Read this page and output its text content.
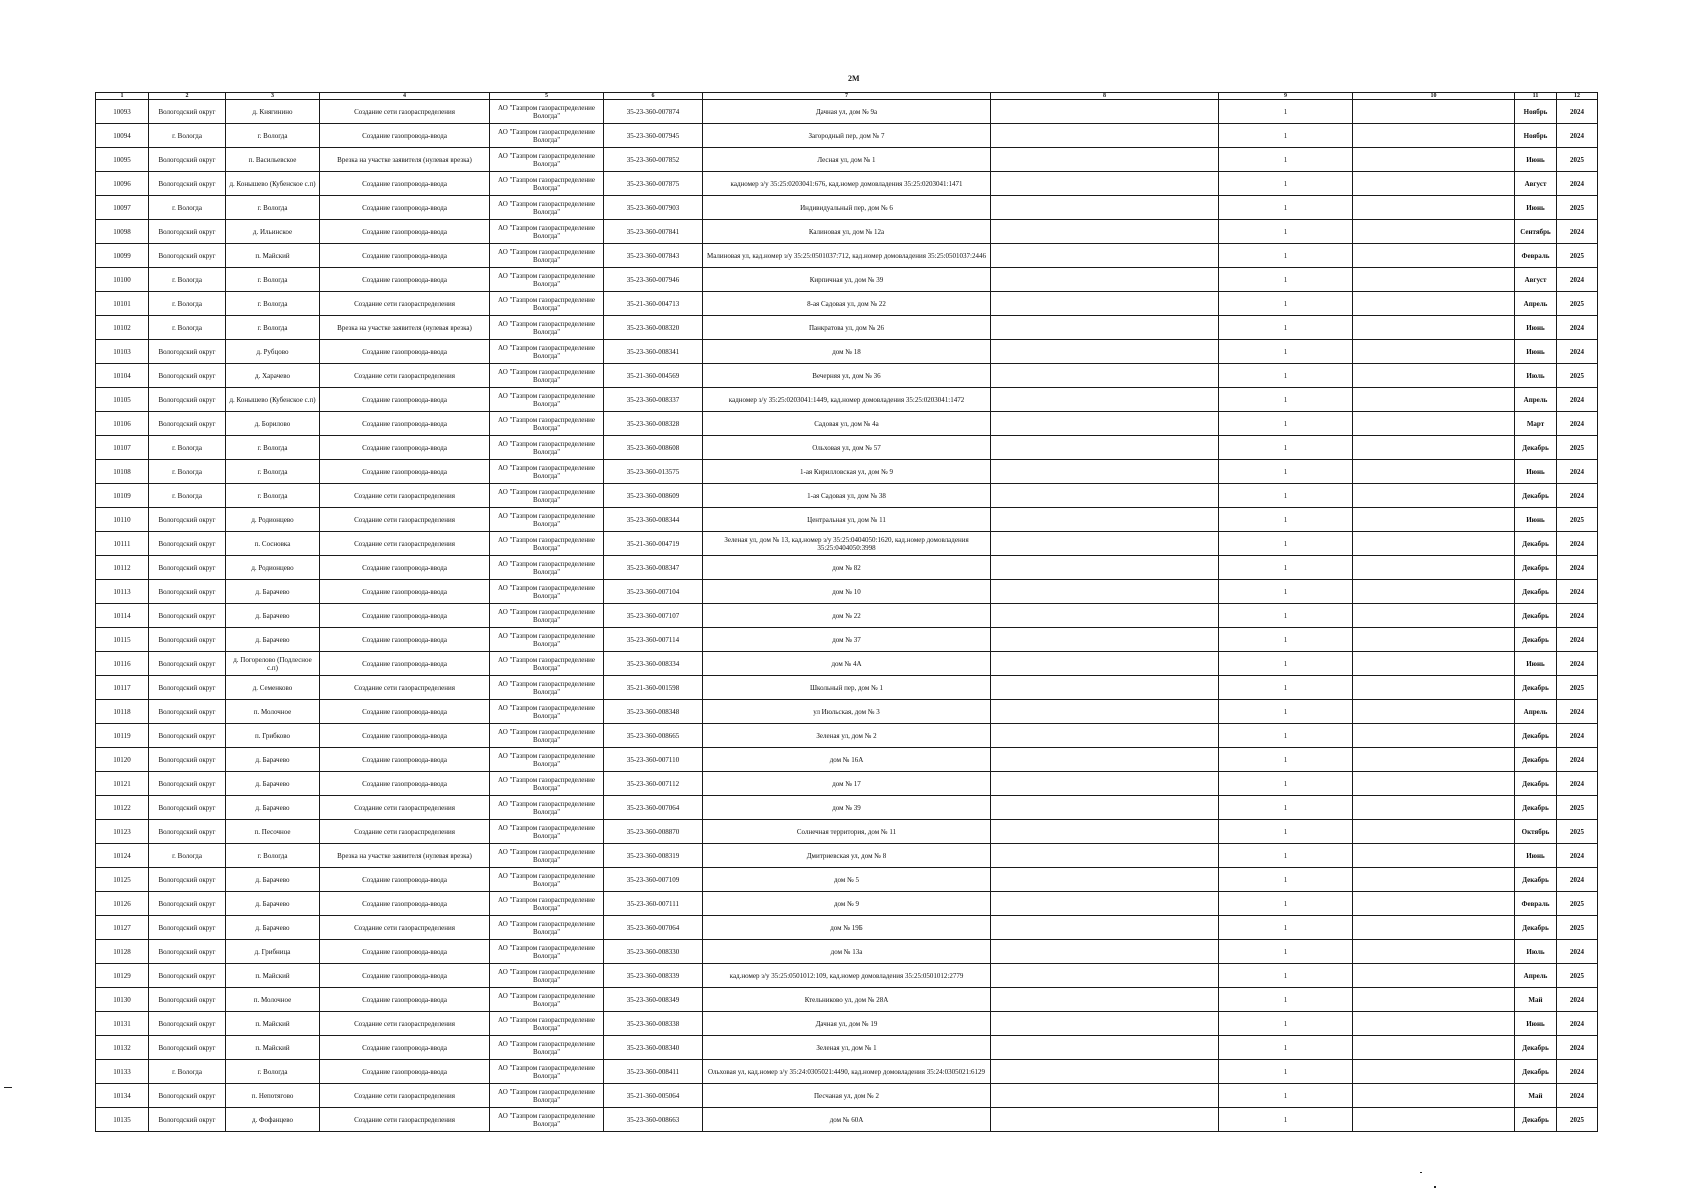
2M
1	2	3	4	5	6	7	8	9	10	11	12
10093	Вологодский округ	д. Княгинино	Создание сети газораспределения	АО "Газпром газораспределение Вологда"	35-23-360-007874	Дачная ул, дом № 9а		1		Ноябрь	2024
10094	г. Вологда	г. Вологда	Создание газопровода-ввода	АО "Газпром газораспределение Вологда"	35-23-360-007945	Загородный пер, дом № 7		1		Ноябрь	2024
10095	Вологодский округ	п. Васильевское	Врезка на участке заявителя (нулевая врезка)	АО "Газпром газораспределение Вологда"	35-23-360-007852	Лесная ул, дом № 1		1		Июнь	2025
10096	Вологодский округ	д. Конышево (Кубенское с.п)	Создание газопровода-ввода	АО "Газпром газораспределение Вологда"	35-23-360-007875	кадномер з/у 35:25:0203041:676, кад.номер домовладения 35:25:0203041:1471		1		Август	2024
10097	г. Вологда	г. Вологда	Создание газопровода-ввода	АО "Газпром газораспределение Вологда"	35-23-360-007903	Индивидуальный пер, дом № 6		1		Июнь	2025
10098	Вологодский округ	д. Ильинское	Создание газопровода-ввода	АО "Газпром газораспределение Вологда"	35-23-360-007841	Калиновая ул, дом № 12а		1		Сентябрь	2024
10099	Вологодский округ	п. Майский	Создание газопровода-ввода	АО "Газпром газораспределение Вологда"	35-23-360-007843	Малиновая ул, кад.номер з/у 35:25:0501037:712, кад.номер домовладения 35:25:0501037:2446		1		Февраль	2025
10100	г. Вологда	г. Вологда	Создание газопровода-ввода	АО "Газпром газораспределение Вологда"	35-23-360-007946	Кирпичная ул, дом № 39		1		Август	2024
10101	г. Вологда	г. Вологда	Создание сети газораспределения	АО "Газпром газораспределение Вологда"	35-21-360-004713	8-ая Садовая ул, дом № 22		1		Апрель	2025
10102	г. Вологда	г. Вологда	Врезка на участке заявителя (нулевая врезка)	АО "Газпром газораспределение Вологда"	35-23-360-008320	Панкратова ул, дом № 26		1		Июнь	2024
10103	Вологодский округ	д. Рубцово	Создание газопровода-ввода	АО "Газпром газораспределение Вологда"	35-23-360-008341	дом № 18		1		Июнь	2024
10104	Вологодский округ	д. Харачево	Создание сети газораспределения	АО "Газпром газораспределение Вологда"	35-21-360-004569	Вечерняя ул, дом № 36		1		Июль	2025
10105	Вологодский округ	д. Конышево (Кубенское с.п)	Создание газопровода-ввода	АО "Газпром газораспределение Вологда"	35-23-360-008337	кадномер з/у 35:25:0203041:1449, кад.номер домовладения 35:25:0203041:1472		1		Апрель	2024
10106	Вологодский округ	д. Борилово	Создание газопровода-ввода	АО "Газпром газораспределение Вологда"	35-23-360-008328	Садовая ул, дом № 4а		1		Март	2024
10107	г. Вологда	г. Вологда	Создание газопровода-ввода	АО "Газпром газораспределение Вологда"	35-23-360-008608	Ольховая ул, дом № 57		1		Декабрь	2025
10108	г. Вологда	г. Вологда	Создание газопровода-ввода	АО "Газпром газораспределение Вологда"	35-23-360-013575	1-ая Кирилловская ул, дом № 9		1		Июнь	2024
10109	г. Вологда	г. Вологда	Создание сети газораспределения	АО "Газпром газораспределение Вологда"	35-23-360-008609	1-ая Садовая ул, дом № 38		1		Декабрь	2024
10110	Вологодский округ	д. Родионцево	Создание сети газораспределения	АО "Газпром газораспределение Вологда"	35-23-360-008344	Центральная ул, дом № 11		1		Июнь	2025
10111	Вологодский округ	п. Сосновка	Создание сети газораспределения	АО "Газпром газораспределение Вологда"	35-21-360-004719	Зеленая ул, дом № 13, кад.номер з/у 35:25:0404050:1620, кад.номер домовладения 35:25:0404050:3998		1		Декабрь	2024
10112	Вологодский округ	д. Родионцево	Создание газопровода-ввода	АО "Газпром газораспределение Вологда"	35-23-360-008347	дом № 82		1		Декабрь	2024
10113	Вологодский округ	д. Барачево	Создание газопровода-ввода	АО "Газпром газораспределение Вологда"	35-23-360-007104	дом № 10		1		Декабрь	2024
10114	Вологодский округ	д. Барачево	Создание газопровода-ввода	АО "Газпром газораспределение Вологда"	35-23-360-007107	дом № 22		1		Декабрь	2024
10115	Вологодский округ	д. Барачево	Создание газопровода-ввода	АО "Газпром газораспределение Вологда"	35-23-360-007114	дом № 37		1		Декабрь	2024
10116	Вологодский округ	д. Погорелово (Подлесное с.п)	Создание газопровода-ввода	АО "Газпром газораспределение Вологда"	35-23-360-008334	дом № 4А		1		Июнь	2024
10117	Вологодский округ	д. Семенково	Создание сети газораспределения	АО "Газпром газораспределение Вологда"	35-21-360-001598	Школьный пер, дом № 1		1		Декабрь	2025
10118	Вологодский округ	п. Молочное	Создание газопровода-ввода	АО "Газпром газораспределение Вологда"	35-23-360-008348	ул Июльская, дом № 3		1		Апрель	2024
10119	Вологодский округ	п. Грибково	Создание газопровода-ввода	АО "Газпром газораспределение Вологда"	35-23-360-008665	Зеленая ул, дом № 2		1		Декабрь	2024
10120	Вологодский округ	д. Барачево	Создание газопровода-ввода	АО "Газпром газораспределение Вологда"	35-23-360-007110	дом № 16А		1		Декабрь	2024
10121	Вологодский округ	д. Барачево	Создание газопровода-ввода	АО "Газпром газораспределение Вологда"	35-23-360-007112	дом № 17		1		Декабрь	2024
10122	Вологодский округ	д. Барачево	Создание сети газораспределения	АО "Газпром газораспределение Вологда"	35-23-360-007064	дом № 39		1		Декабрь	2025
10123	Вологодский округ	п. Песочное	Создание сети газораспределения	АО "Газпром газораспределение Вологда"	35-23-360-008870	Солнечная территория, дом № 11		1		Октябрь	2025
10124	г. Вологда	г. Вологда	Врезка на участке заявителя (нулевая врезка)	АО "Газпром газораспределение Вологда"	35-23-360-008319	Дмитриевская ул, дом № 8		1		Июнь	2024
10125	Вологодский округ	д. Барачево	Создание газопровода-ввода	АО "Газпром газораспределение Вологда"	35-23-360-007109	дом № 5		1		Декабрь	2024
10126	Вологодский округ	д. Барачево	Создание газопровода-ввода	АО "Газпром газораспределение Вологда"	35-23-360-007111	дом № 9		1		Февраль	2025
10127	Вологодский округ	д. Барачево	Создание сети газораспределения	АО "Газпром газораспределение Вологда"	35-23-360-007064	дом № 19Б		1		Декабрь	2025
10128	Вологодский округ	д. Грибница	Создание газопровода-ввода	АО "Газпром газораспределение Вологда"	35-23-360-008330	дом № 13а		1		Июль	2024
10129	Вологодский округ	п. Майский	Создание газопровода-ввода	АО "Газпром газораспределение Вологда"	35-23-360-008339	кад.номер з/у 35:25:0501012:109, кад.номер домовладения 35:25:0501012:2779		1		Апрель	2025
10130	Вологодский округ	п. Молочное	Создание газопровода-ввода	АО "Газпром газораспределение Вологда"	35-23-360-008349	Ктельниково ул, дом № 28А		1		Май	2024
10131	Вологодский округ	п. Майский	Создание сети газораспределения	АО "Газпром газораспределение Вологда"	35-23-360-008338	Дачная ул, дом № 19		1		Июнь	2024
10132	Вологодский округ	п. Майский	Создание газопровода-ввода	АО "Газпром газораспределение Вологда"	35-23-360-008340	Зеленая ул, дом № 1		1		Декабрь	2024
10133	г. Вологда	г. Вологда	Создание газопровода-ввода	АО "Газпром газораспределение Вологда"	35-23-360-008411	Ольховая ул, кад.номер з/у 35:24:0305021:4490, кад.номер домовладения 35:24:0305021:6129		1		Декабрь	2024
10134	Вологодский округ	п. Непотягово	Создание сети газораспределения	АО "Газпром газораспределение Вологда"	35-21-360-005064	Песчаная ул, дом № 2		1		Май	2024
10135	Вологодский округ	д. Фофанцево	Создание сети газораспределения	АО "Газпром газораспределение Вологда"	35-23-360-008663	дом № 60А		1		Декабрь	2025
